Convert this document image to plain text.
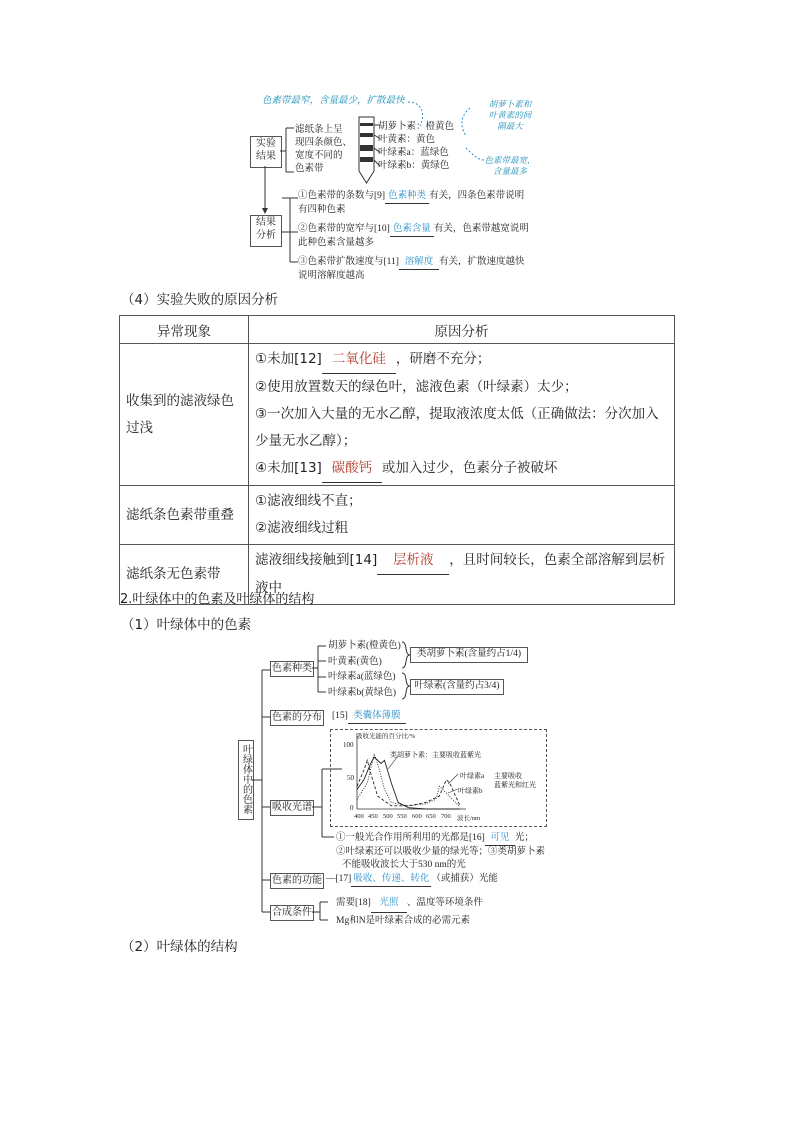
色素带最窄，含量最少，扩散最快	胡萝卜素和
叶黄素的间
隔最大
色素带最宽，
含量最多
实验
结果
滤纸条上呈
现四条颜色、
宽度不同的
色素带
胡萝卜素：橙黄色
叶黄素：黄色
叶绿素a：蓝绿色
叶绿素b：黄绿色
结果
分析
①色素带的条数与[9] 色素种类 有关，四条色素带说明
有四种色素
②色素带的宽窄与[10] 色素含量 有关，色素带越宽说明
此种色素含量越多
③色素带扩散速度与[11] 溶解度 有关，扩散速度越快
说明溶解度越高
（4）实验失败的原因分析
异常现象	原因分析
收集到的滤液绿色过浅	①未加[12] 二氧化硅 ，研磨不充分；
②使用放置数天的绿色叶，滤液色素（叶绿素）太少；
③一次加入大量的无水乙醇，提取液浓度太低（正确做法：分次加入少量无水乙醇）；
④未加[13] 碳酸钙 或加入过少，色素分子被破坏

滤纸条色素带重叠	①滤液细线不直；
②滤液细线过粗

滤纸条无色素带	滤液细线接触到[14] 层析液 ，且时间较长，色素全部溶解到层析液中
2.叶绿体中的色素及叶绿体的结构
（1）叶绿体中的色素
叶绿体中的色素
色素种类
胡萝卜素(橙黄色)
叶黄素(黄色)
叶绿素a(蓝绿色)
叶绿素b(黄绿色)
类胡萝卜素(含量约占1/4)
叶绿素(含量约占3/4)
色素的分布 [15] 类囊体薄膜
吸收光谱
吸收光能的百分比/%
100
50
0
400 450 500 550 600 650 700 波长/nm
类胡萝卜素：主要吸收蓝紫光
叶绿素a
叶绿素b
主要吸收
蓝紫光和红光
①一般光合作用所利用的光都是[16] 可见 光；
②叶绿素还可以吸收少量的绿光等；③类胡萝卜素
不能吸收波长大于530 nm的光
色素的功能 —[17] 吸收、传递、转化 （或捕获）光能
合成条件
需要[18] 光照 、温度等环境条件
Mg和N是叶绿素合成的必需元素
（2）叶绿体的结构
